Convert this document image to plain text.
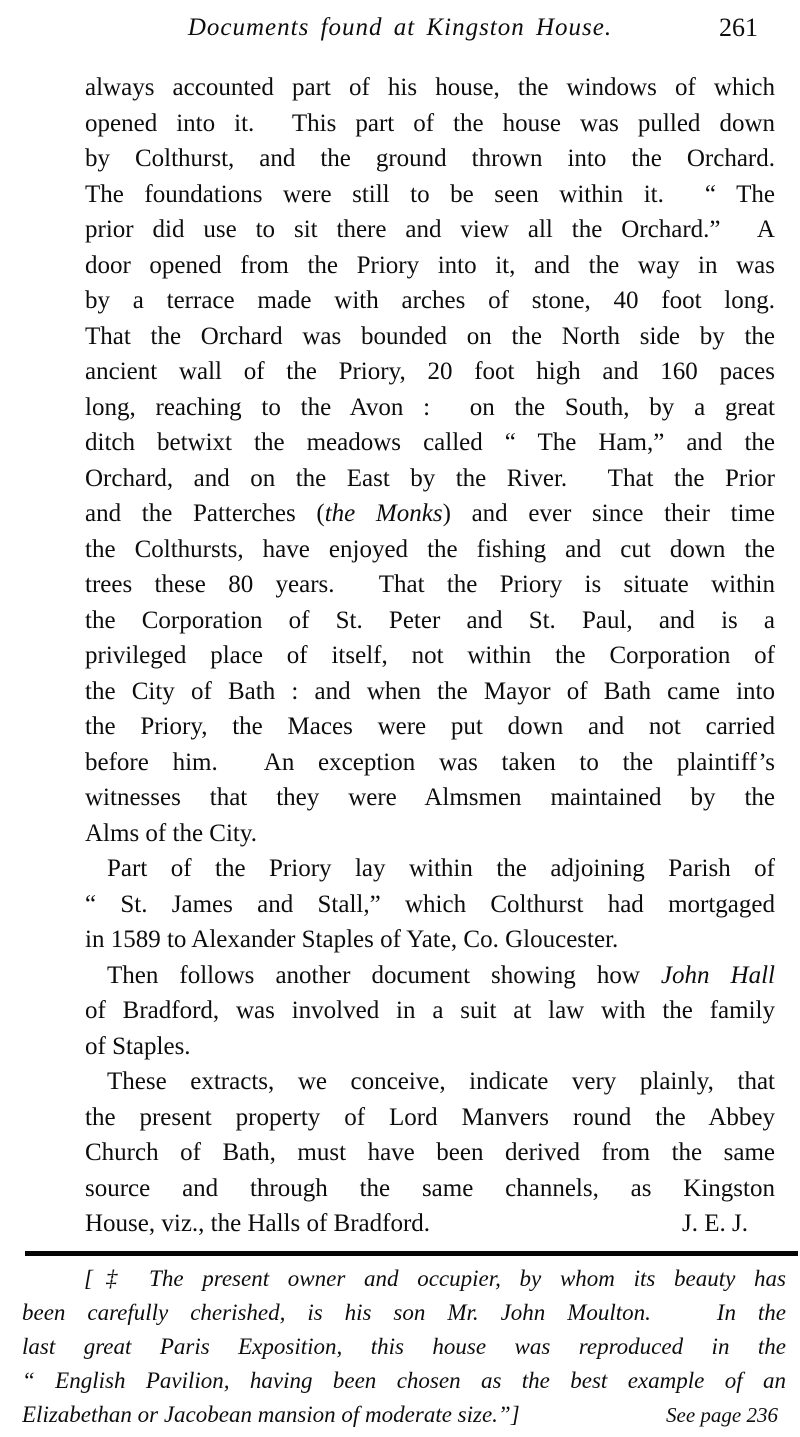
Documents found at Kingston House.	261
always accounted part of his house, the windows of which
opened into it.  This part of the house was pulled down
by Colthurst, and the ground thrown into the Orchard.
The foundations were still to be seen within it.  “ The
prior did use to sit there and view all the Orchard.”  A
door opened from the Priory into it, and the way in was
by a terrace made with arches of stone, 40 foot long.
That the Orchard was bounded on the North side by the
ancient wall of the Priory, 20 foot high and 160 paces
long, reaching to the Avon :  on the South, by a great
ditch betwixt the meadows called “ The Ham,” and the
Orchard, and on the East by the River.  That the Prior
and the Patterches (the Monks) and ever since their time
the Colthursts, have enjoyed the fishing and cut down the
trees these 80 years.  That the Priory is situate within
the Corporation of St. Peter and St. Paul, and is a
privileged place of itself, not within the Corporation of
the City of Bath : and when the Mayor of Bath came into
the Priory, the Maces were put down and not carried
before him.  An exception was taken to the plaintiff’s
witnesses that they were Almsmen maintained by the
Alms of the City.
Part of the Priory lay within the adjoining Parish of
“ St. James and Stall,” which Colthurst had mortgaged
in 1589 to Alexander Staples of Yate, Co. Gloucester.
Then follows another document showing how John Hall
of Bradford, was involved in a suit at law with the family
of Staples.
These extracts, we conceive, indicate very plainly, that
the present property of Lord Manvers round the Abbey
Church of Bath, must have been derived from the same
source and through the same channels, as Kingston
House, viz., the Halls of Bradford.	J. E. J.
[‡ The present owner and occupier, by whom its beauty has
been carefully cherished, is his son Mr. John Moulton.   In the
last great Paris Exposition, this house was reproduced in the
“ English Pavilion, having been chosen as the best example of an
Elizabethan or Jacobean mansion of moderate size.”]	See page 236
